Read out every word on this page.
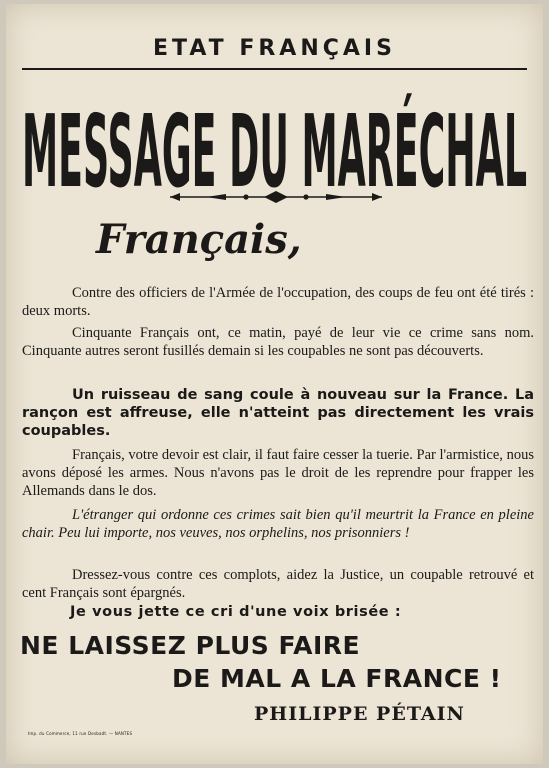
ETAT FRANÇAIS
MESSAGE DU MARÉCHAL
Français,
Contre des officiers de l'Armée de l'occupation, des coups de feu ont été tirés : deux morts.
Cinquante Français ont, ce matin, payé de leur vie ce crime sans nom. Cinquante autres seront fusillés demain si les coupables ne sont pas découverts.
Un ruisseau de sang coule à nouveau sur la France. La rançon est affreuse, elle n'atteint pas directement les vrais coupables.
Français, votre devoir est clair, il faut faire cesser la tuerie. Par l'armistice, nous avons déposé les armes. Nous n'avons pas le droit de les reprendre pour frapper les Allemands dans le dos.
L'étranger qui ordonne ces crimes sait bien qu'il meurtrit la France en pleine chair. Peu lui importe, nos veuves, nos orphelins, nos prisonniers !
Dressez-vous contre ces complots, aidez la Justice, un coupable retrouvé et cent Français sont épargnés.
Je vous jette ce cri d'une voix brisée :
NE LAISSEZ PLUS FAIRE
DE MAL A LA FRANCE !
PHILIPPE PÉTAIN
Imp. du Commerce, 11 rue Desbadt. — NANTES
